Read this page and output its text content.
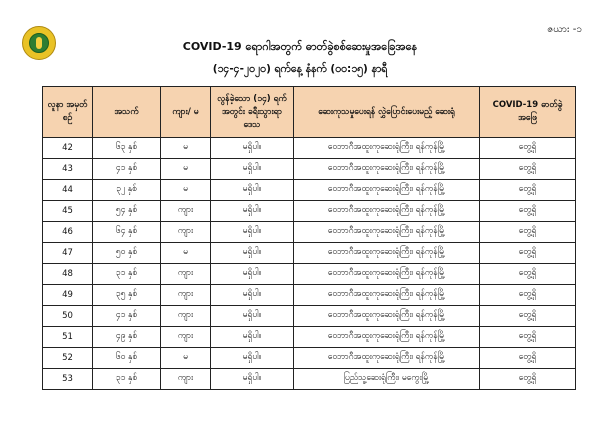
ဇယား -၁
COVID-19 ရောဂါအတွက် ဓာတ်ခွဲစစ်ဆေးမှုအခြေအနေ
(၁၄-၄-၂၀၂၀) ရက်နေ့ နံနက် (၀၀:၁၅) နာရီ
လူနာ အမှတ်စဉ်	အသက်	ကျား/ မ	လွန်ခဲ့သော (၁၄) ရက်အတွင်း ခရီးသွားရာဒေသ	ဆေးကုသမှုပေးရန် လွှဲပြောင်းပေးမည့် ဆေးရုံ	COVID-19 ဓာတ်ခွဲ အဖြေ
42	၆၃ နှစ်	မ	မရှိပါ။	ဝေဘာဂီအထူးကုဆေးရုံကြီး၊ ရန်ကုန်မြို့	တွေ့ရှိ
43	၄၁ နှစ်	မ	မရှိပါ။	ဝေဘာဂီအထူးကုဆေးရုံကြီး၊ ရန်ကုန်မြို့	တွေ့ရှိ
44	၃၂ နှစ်	မ	မရှိပါ။	ဝေဘာဂီအထူးကုဆေးရုံကြီး၊ ရန်ကုန်မြို့	တွေ့ရှိ
45	၅၄ နှစ်	ကျား	မရှိပါ။	ဝေဘာဂီအထူးကုဆေးရုံကြီး၊ ရန်ကုန်မြို့	တွေ့ရှိ
46	၆၄ နှစ်	ကျား	မရှိပါ။	ဝေဘာဂီအထူးကုဆေးရုံကြီး၊ ရန်ကုန်မြို့	တွေ့ရှိ
47	၅၀ နှစ်	မ	မရှိပါ။	ဝေဘာဂီအထူးကုဆေးရုံကြီး၊ ရန်ကုန်မြို့	တွေ့ရှိ
48	၃၁ နှစ်	ကျား	မရှိပါ။	ဝေဘာဂီအထူးကုဆေးရုံကြီး၊ ရန်ကုန်မြို့	တွေ့ရှိ
49	၃၅ နှစ်	ကျား	မရှိပါ။	ဝေဘာဂီအထူးကုဆေးရုံကြီး၊ ရန်ကုန်မြို့	တွေ့ရှိ
50	၄၁ နှစ်	ကျား	မရှိပါ။	ဝေဘာဂီအထူးကုဆေးရုံကြီး၊ ရန်ကုန်မြို့	တွေ့ရှိ
51	၄၉ နှစ်	ကျား	မရှိပါ။	ဝေဘာဂီအထူးကုဆေးရုံကြီး၊ ရန်ကုန်မြို့	တွေ့ရှိ
52	၆၀ နှစ်	မ	မရှိပါ။	ဝေဘာဂီအထူးကုဆေးရုံကြီး၊ ရန်ကုန်မြို့	တွေ့ရှိ
53	၃၁ နှစ်	ကျား	မရှိပါ။	ပြည်သူ့ဆေးရုံကြီး၊ မကွေးမြို့	တွေ့ရှိ
